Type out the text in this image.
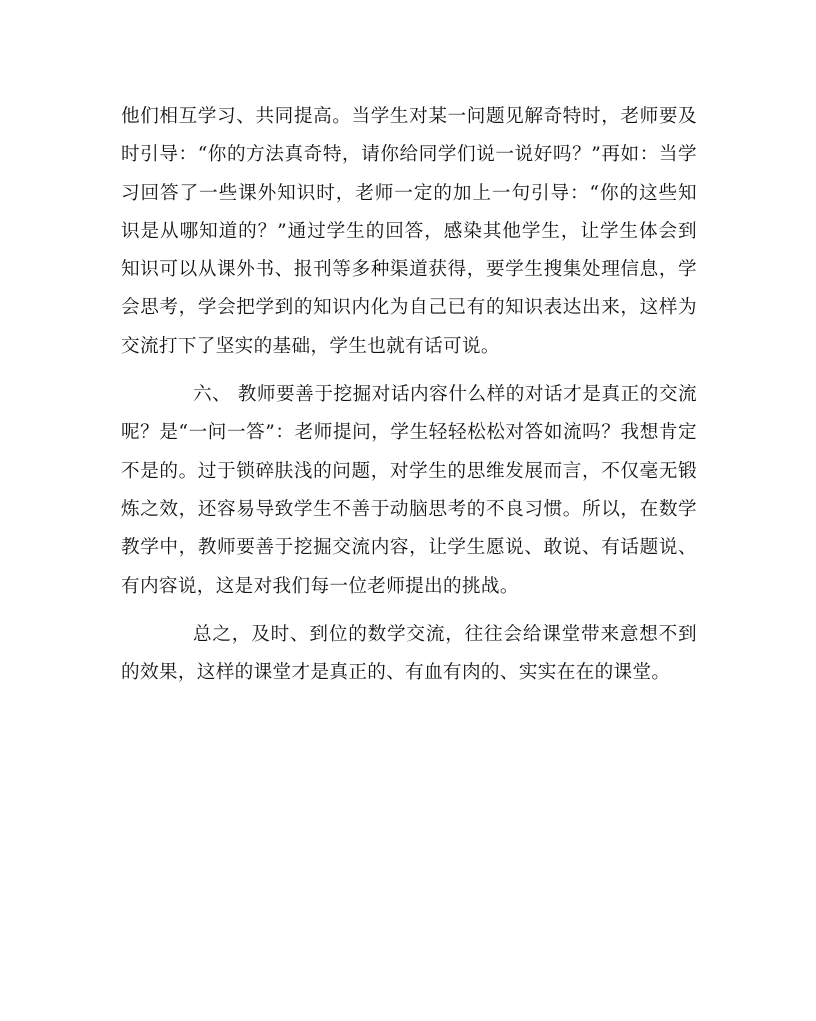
他们相互学习、共同提高。当学生对某一问题见解奇特时，老师要及时引导：“你的方法真奇特，请你给同学们说一说好吗？”再如：当学习回答了一些课外知识时，老师一定的加上一句引导：“你的这些知识是从哪知道的？”通过学生的回答，感染其他学生，让学生体会到知识可以从课外书、报刊等多种渠道获得，要学生搜集处理信息，学会思考，学会把学到的知识内化为自己已有的知识表达出来，这样为交流打下了坚实的基础，学生也就有话可说。

六、 教师要善于挖掘对话内容什么样的对话才是真正的交流呢？是“一问一答”：老师提问，学生轻轻松松对答如流吗？我想肯定不是的。过于锁碎肤浅的问题，对学生的思维发展而言，不仅毫无锻炼之效，还容易导致学生不善于动脑思考的不良习惯。所以，在数学教学中，教师要善于挖掘交流内容，让学生愿说、敢说、有话题说、有内容说，这是对我们每一位老师提出的挑战。

总之，及时、到位的数学交流，往往会给课堂带来意想不到的效果，这样的课堂才是真正的、有血有肉的、实实在在的课堂。
